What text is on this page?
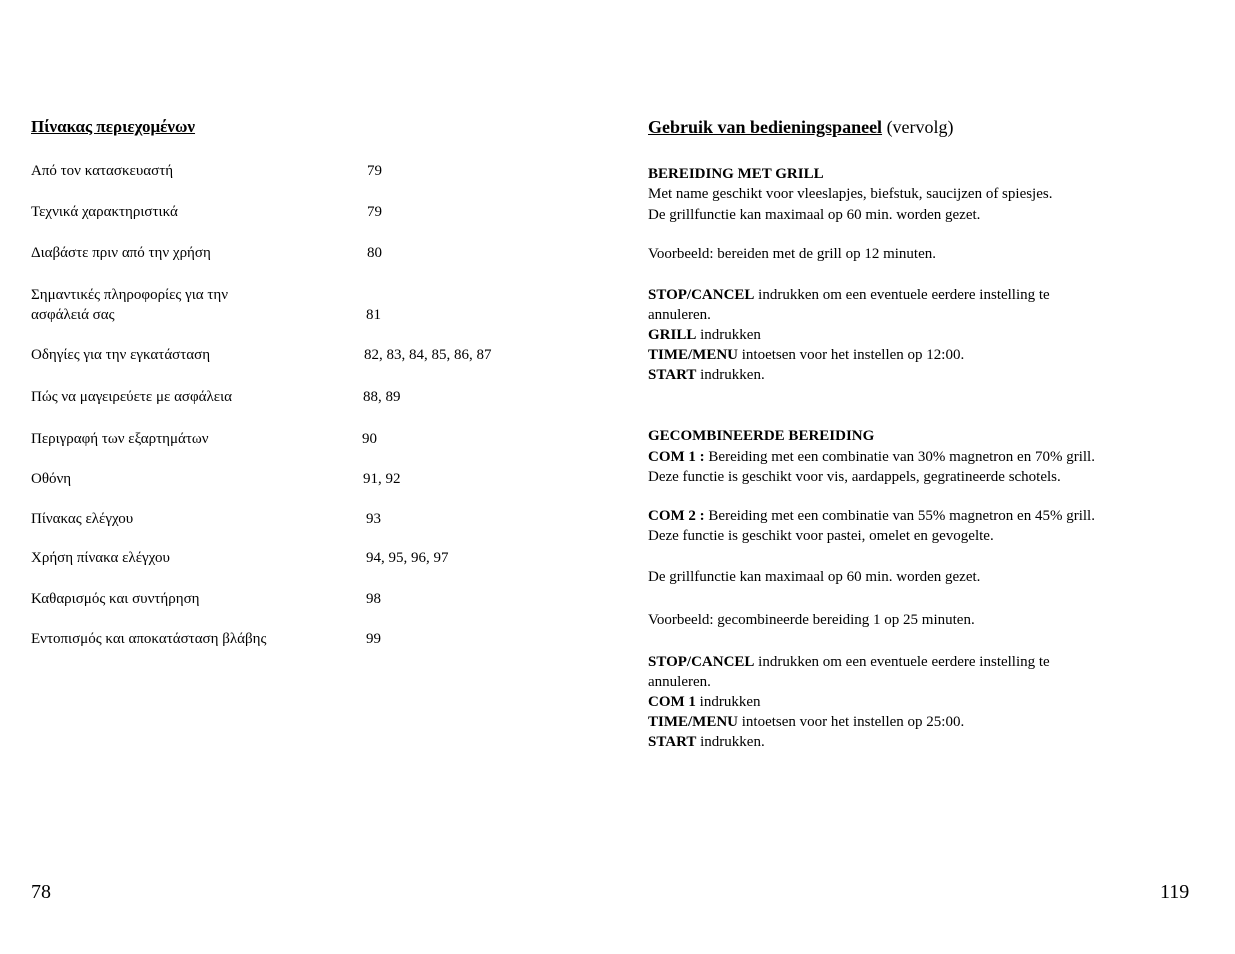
Πίνακας περιεχομένων
Από τον κατασκευαστή	79
Τεχνικά χαρακτηριστικά	79
Διαβάστε πριν από την χρήση	80
Σημαντικές πληροφορίες για την
ασφάλειά σας	81
Οδηγίες για την εγκατάσταση	82, 83, 84, 85, 86, 87
Πώς να μαγειρεύετε με ασφάλεια	88, 89
Περιγραφή των εξαρτημάτων	90
Οθόνη	91, 92
Πίνακας ελέγχου	93
Χρήση πίνακα ελέγχου	94, 95, 96, 97
Καθαρισμός και συντήρηση	98
Εντοπισμός και αποκατάσταση βλάβης	99
78
Gebruik van bedieningspaneel (vervolg)
BEREIDING MET GRILL
Met name geschikt voor vleeslapjes, biefstuk, saucijzen of spiesjes.
De grillfunctie kan maximaal op 60 min. worden gezet.
Voorbeeld: bereiden met de grill op 12 minuten.
STOP/CANCEL indrukken om een eventuele eerdere instelling te
annuleren.
GRILL indrukken
TIME/MENU intoetsen voor het instellen op 12:00.
START indrukken.
GECOMBINEERDE BEREIDING
COM 1 : Bereiding met een combinatie van 30% magnetron en 70% grill.
Deze functie is geschikt voor vis, aardappels, gegratineerde schotels.
COM 2 : Bereiding met een combinatie van 55% magnetron en 45% grill.
Deze functie is geschikt voor pastei, omelet en gevogelte.
De grillfunctie kan maximaal op 60 min. worden gezet.
Voorbeeld: gecombineerde bereiding 1 op 25 minuten.
STOP/CANCEL indrukken om een eventuele eerdere instelling te
annuleren.
COM 1 indrukken
TIME/MENU intoetsen voor het instellen op 25:00.
START indrukken.
119
